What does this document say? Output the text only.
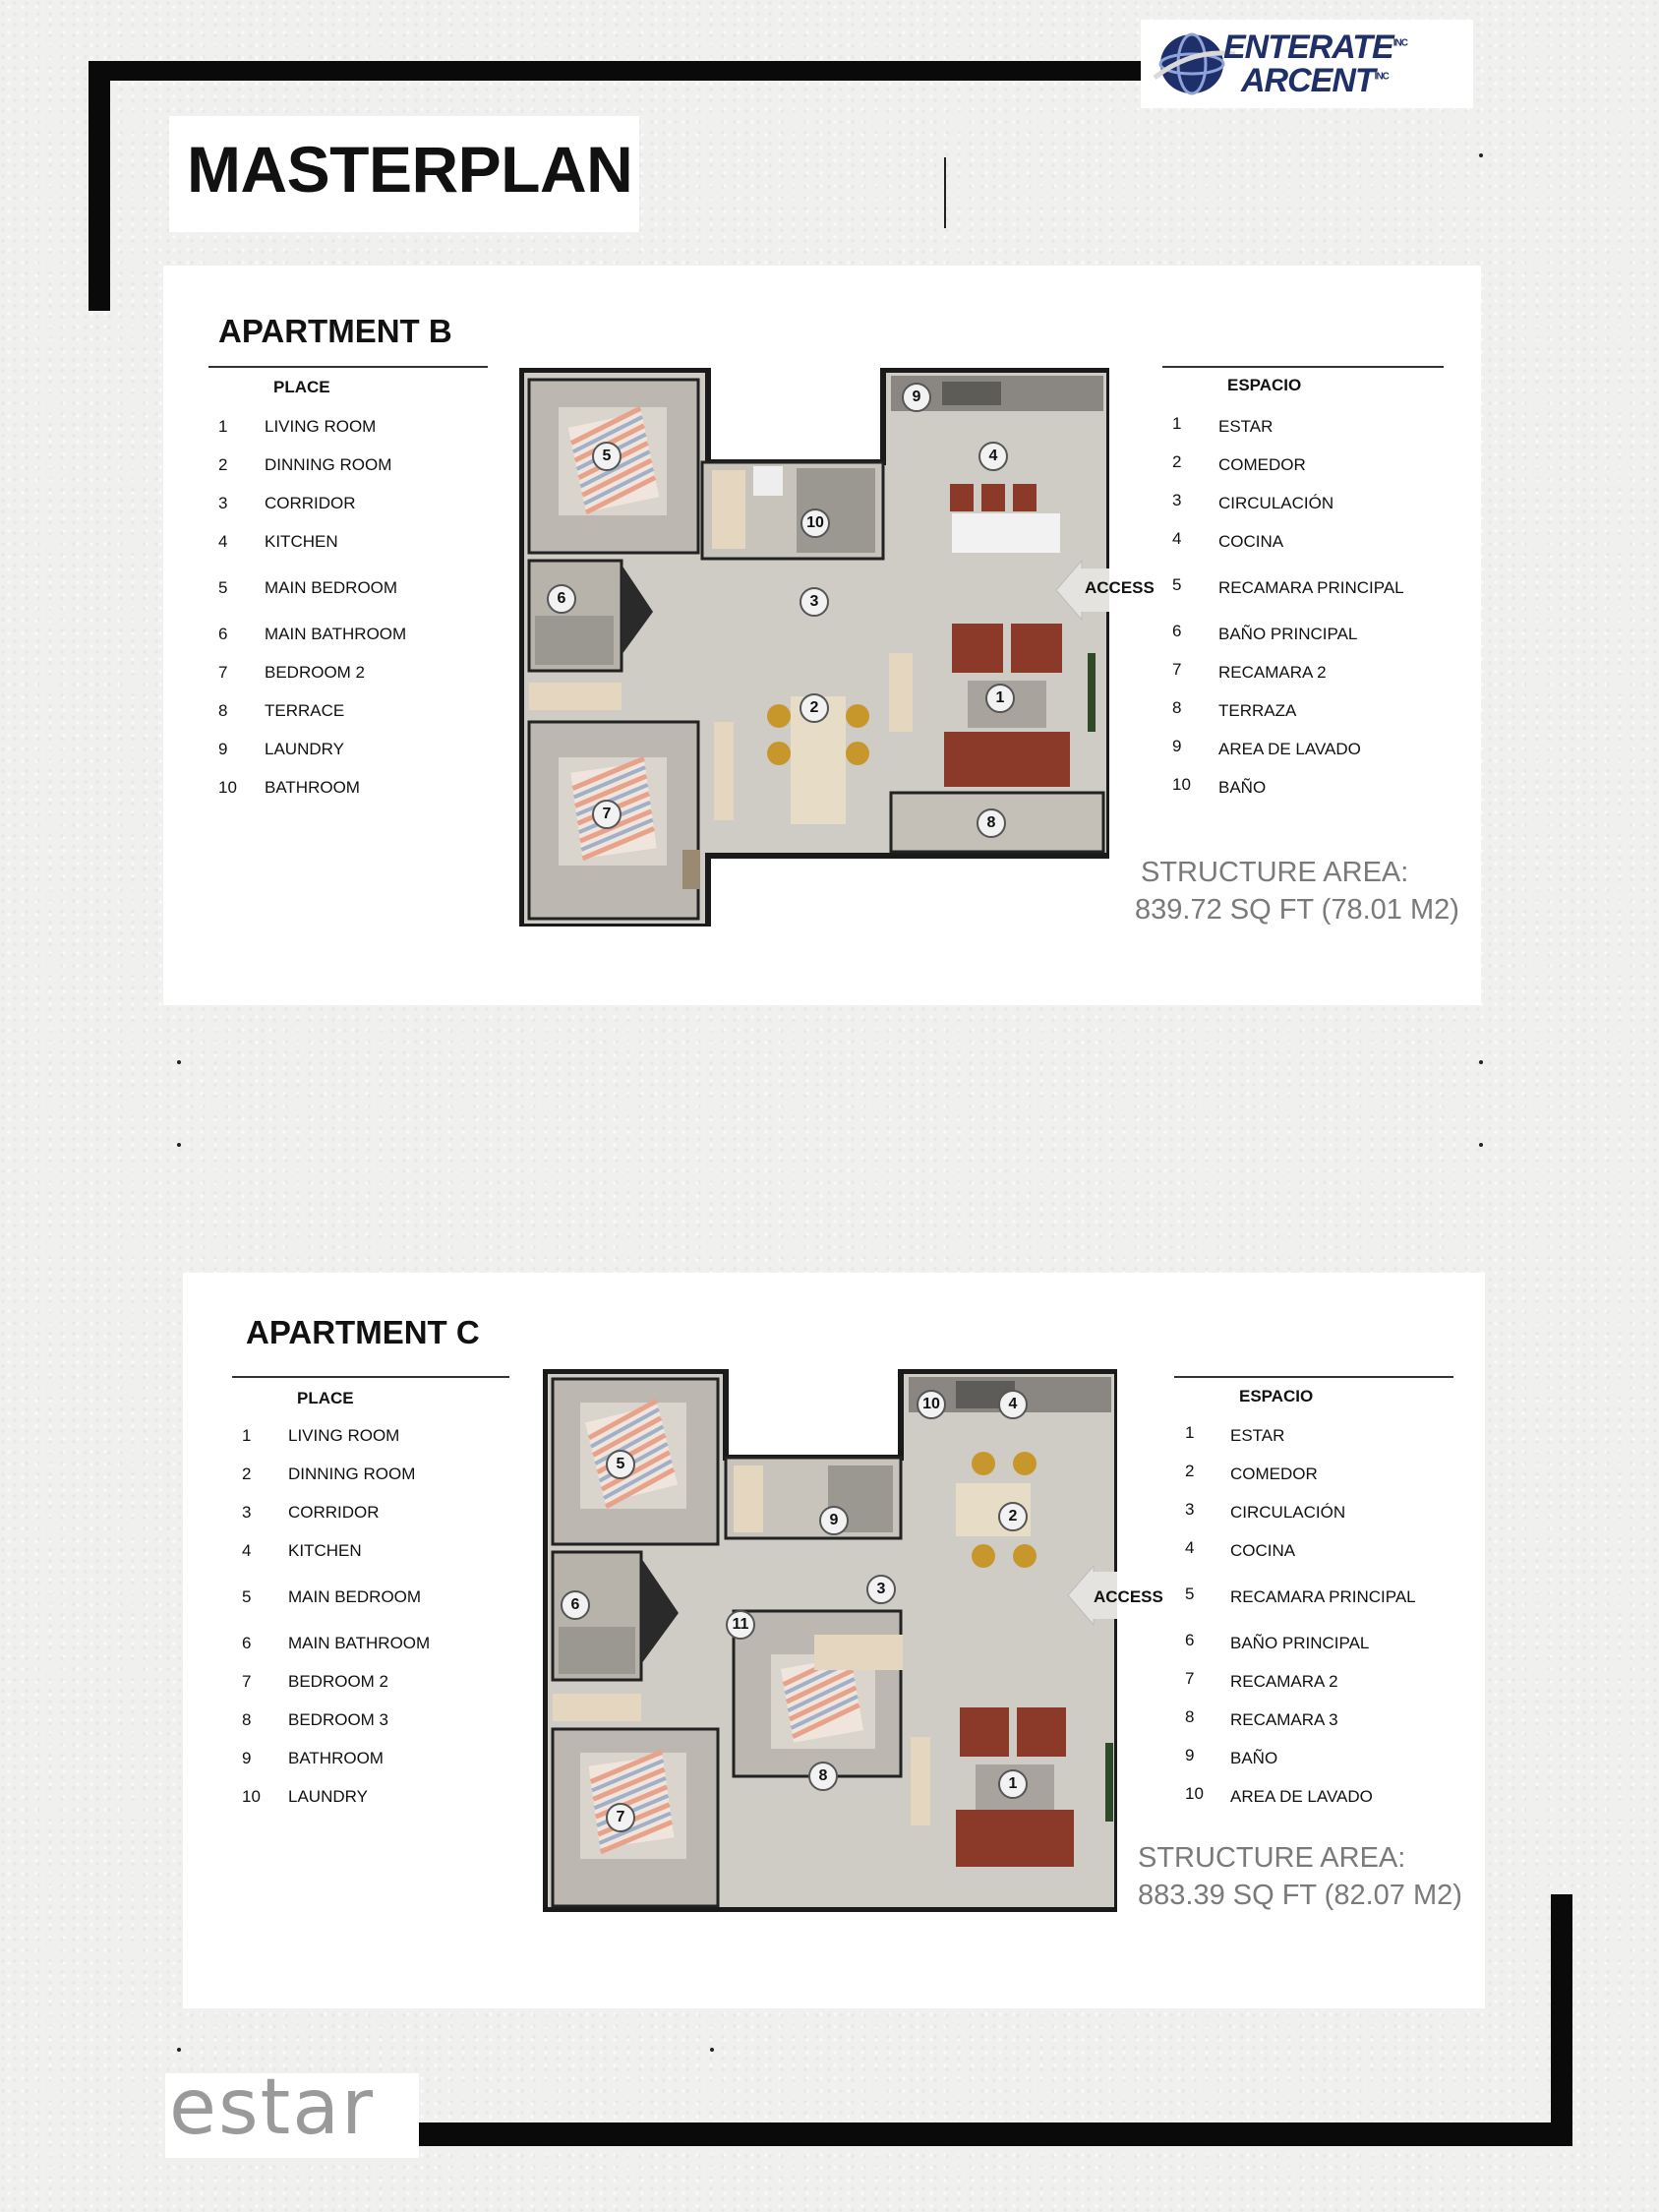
$ENTERATE^{INC}$
$ARCENT^{INC}$
MASTERPLAN
APARTMENT B
PLACE	ESPACIO
1 LIVING ROOM
2 DINNING ROOM
3 CORRIDOR
4 KITCHEN
5 MAIN BEDROOM
6 MAIN BATHROOM
7 BEDROOM 2
8 TERRACE
9 LAUNDRY
10 BATHROOM
1 ESTAR
2 COMEDOR
3 CIRCULACIÓN
4 COCINA
5 RECAMARA PRINCIPAL
6 BAÑO PRINCIPAL
7 RECAMARA 2
8 TERRAZA
9 AREA DE LAVADO
10 BAÑO
ACCESS
1
2
3
4
5
6
7
8
9
10
STRUCTURE AREA:
839.72 SQ FT (78.01 M2)
APARTMENT C
PLACE	ESPACIO
1 LIVING ROOM
2 DINNING ROOM
3 CORRIDOR
4 KITCHEN
5 MAIN BEDROOM
6 MAIN BATHROOM
7 BEDROOM 2
8 BEDROOM 3
9 BATHROOM
10 LAUNDRY
1 ESTAR
2 COMEDOR
3 CIRCULACIÓN
4 COCINA
5 RECAMARA PRINCIPAL
6 BAÑO PRINCIPAL
7 RECAMARA 2
8 RECAMARA 3
9 BAÑO
10 AREA DE LAVADO
ACCESS
1
2
3
4
5
6
7
8
9
10
11
STRUCTURE AREA:
883.39 SQ FT (82.07 M2)
estar
